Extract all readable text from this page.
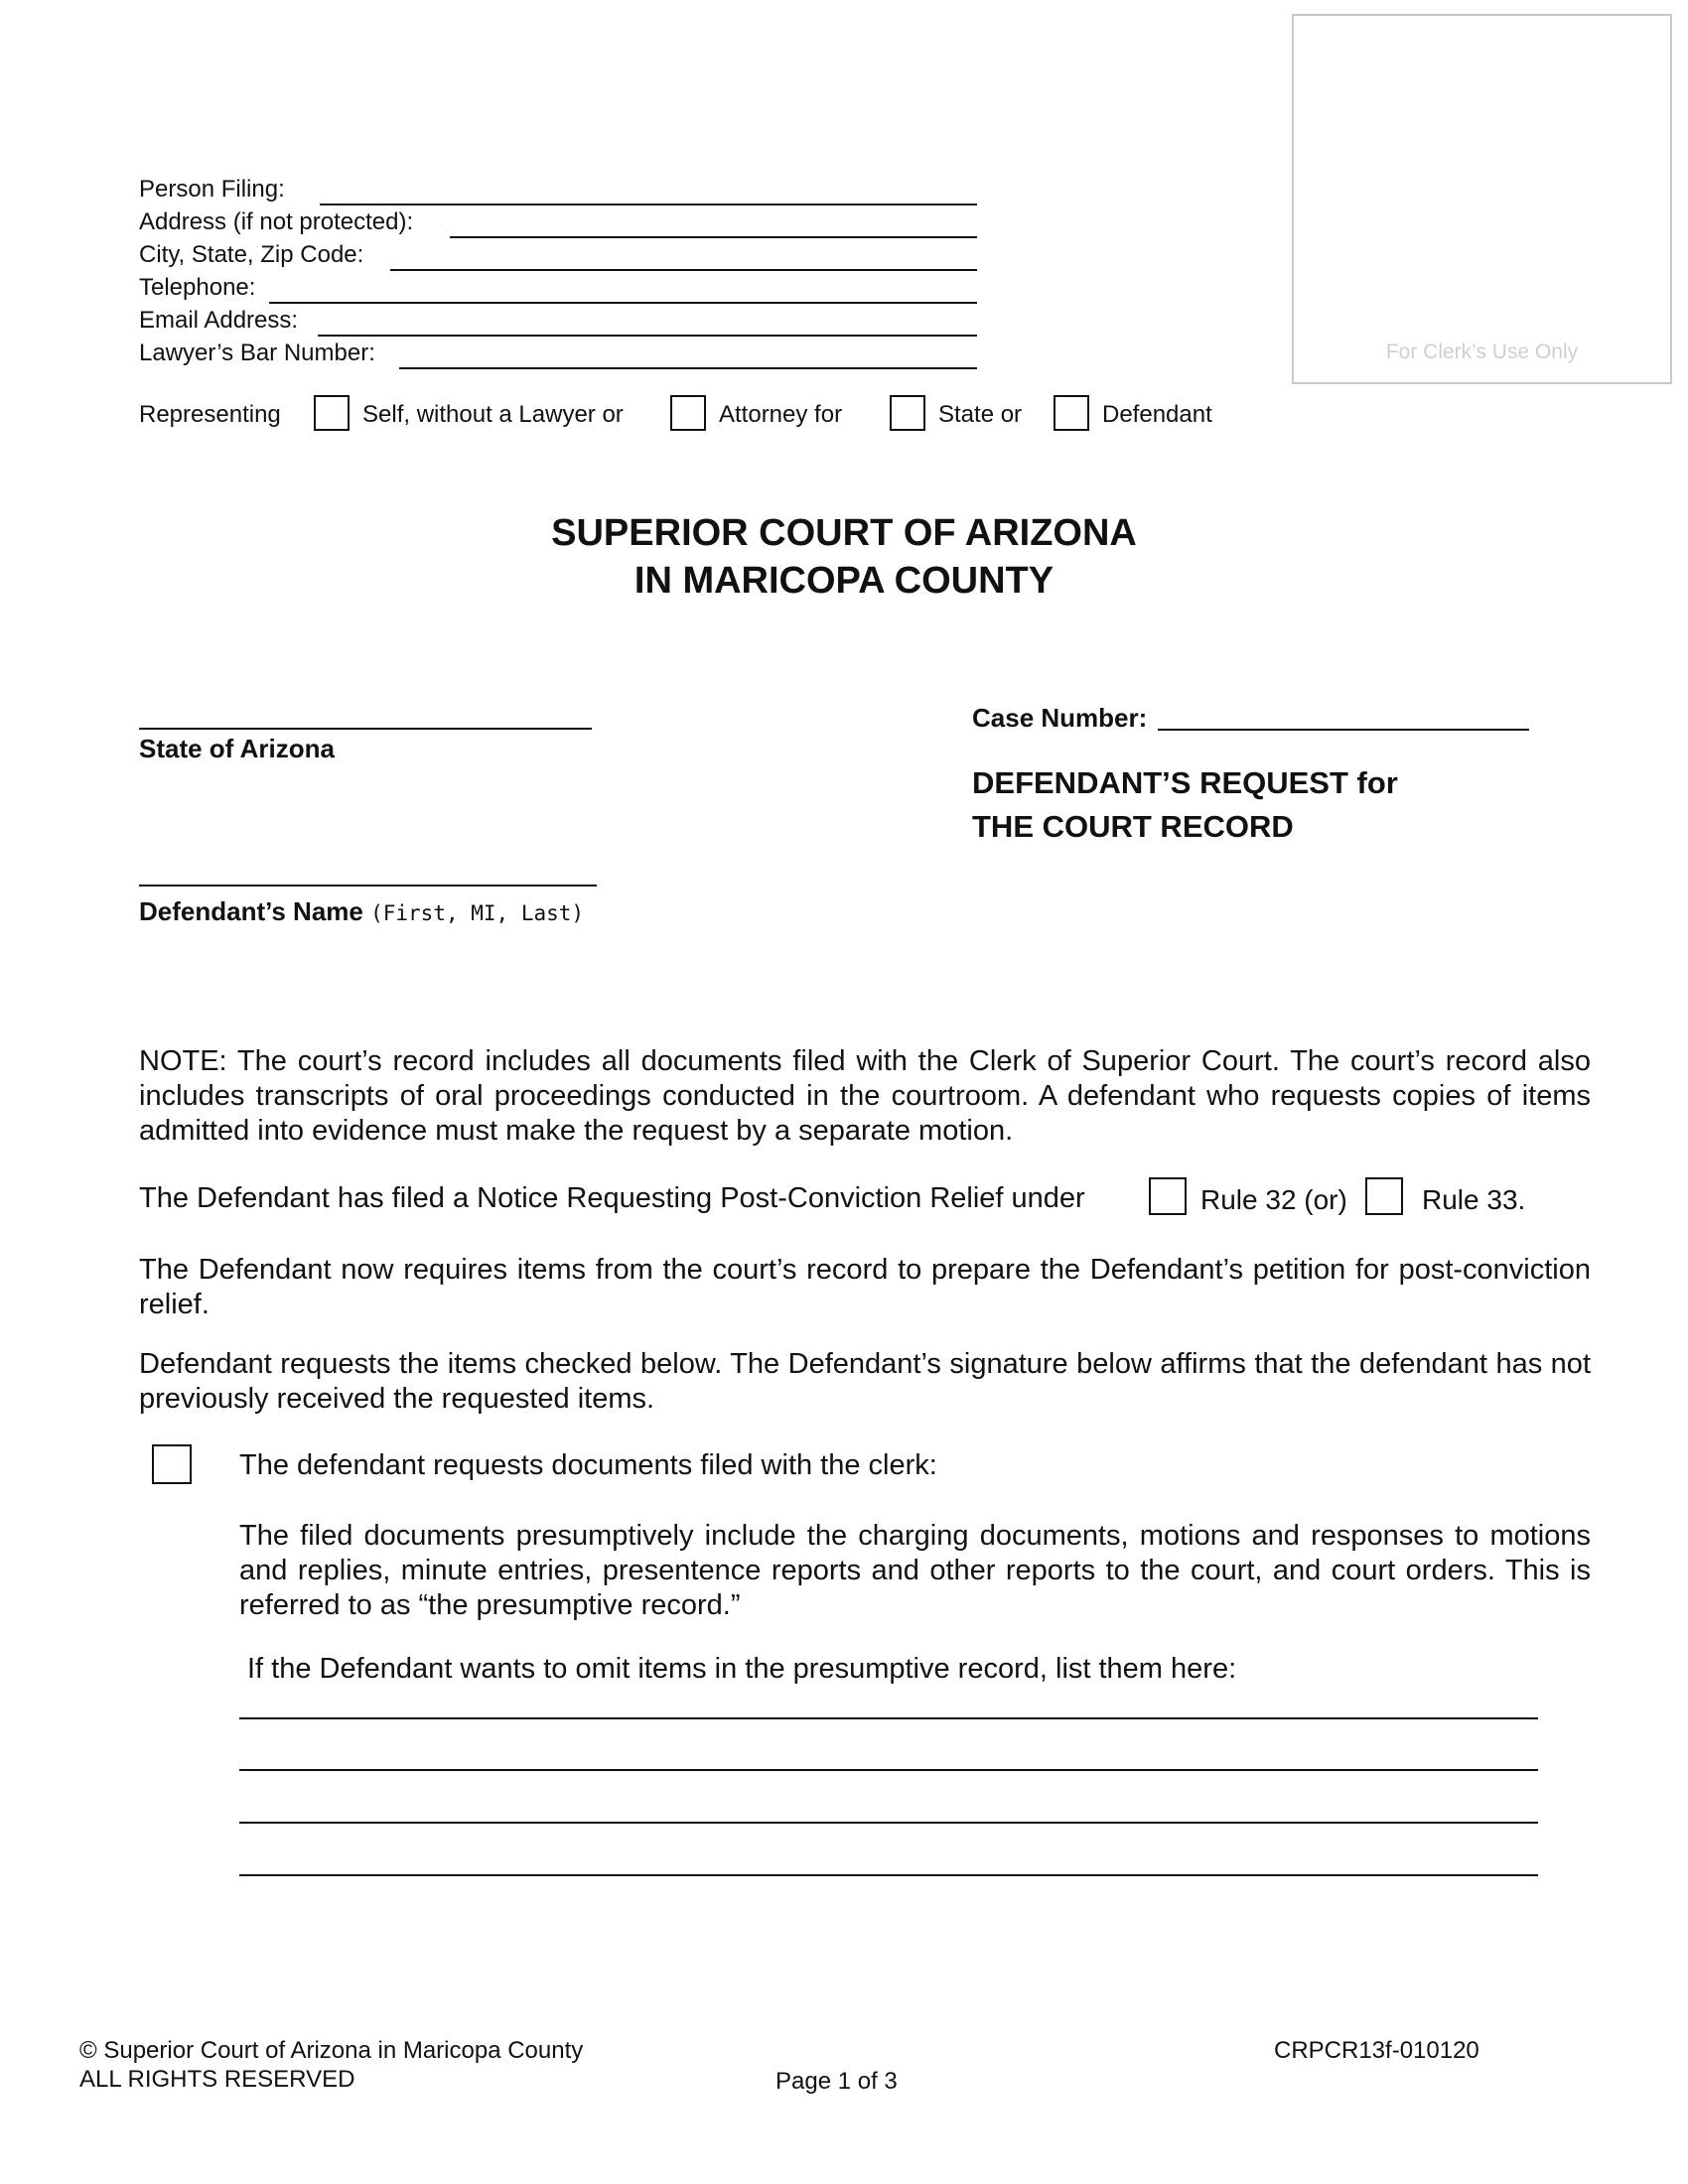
For Clerk’s Use Only
Person Filing:
Address (if not protected):
City, State, Zip Code:
Telephone:
Email Address:
Lawyer’s Bar Number:
Representing	Self, without a Lawyer or	Attorney for	State or	Defendant
SUPERIOR COURT OF ARIZONA
IN MARICOPA COUNTY
State of Arizona
Defendant’s Name (First, MI, Last)
Case Number:
DEFENDANT’S REQUEST for
THE COURT RECORD
NOTE: The court’s record includes all documents filed with the Clerk of Superior Court. The court’s record also includes transcripts of oral proceedings conducted in the courtroom. A defendant who requests copies of items admitted into evidence must make the request by a separate motion.
The Defendant has filed a Notice Requesting Post-Conviction Relief under	Rule 32 (or)	Rule 33.
The Defendant now requires items from the court’s record to prepare the Defendant’s petition for post-conviction relief.
Defendant requests the items checked below. The Defendant’s signature below affirms that the defendant has not previously received the requested items.
The defendant requests documents filed with the clerk:
The filed documents presumptively include the charging documents, motions and responses to motions and replies, minute entries, presentence reports and other reports to the court, and court orders. This is referred to as “the presumptive record.”
If the Defendant wants to omit items in the presumptive record, list them here:
© Superior Court of Arizona in Maricopa County
ALL RIGHTS RESERVED	Page 1 of 3
CRPCR13f-010120
